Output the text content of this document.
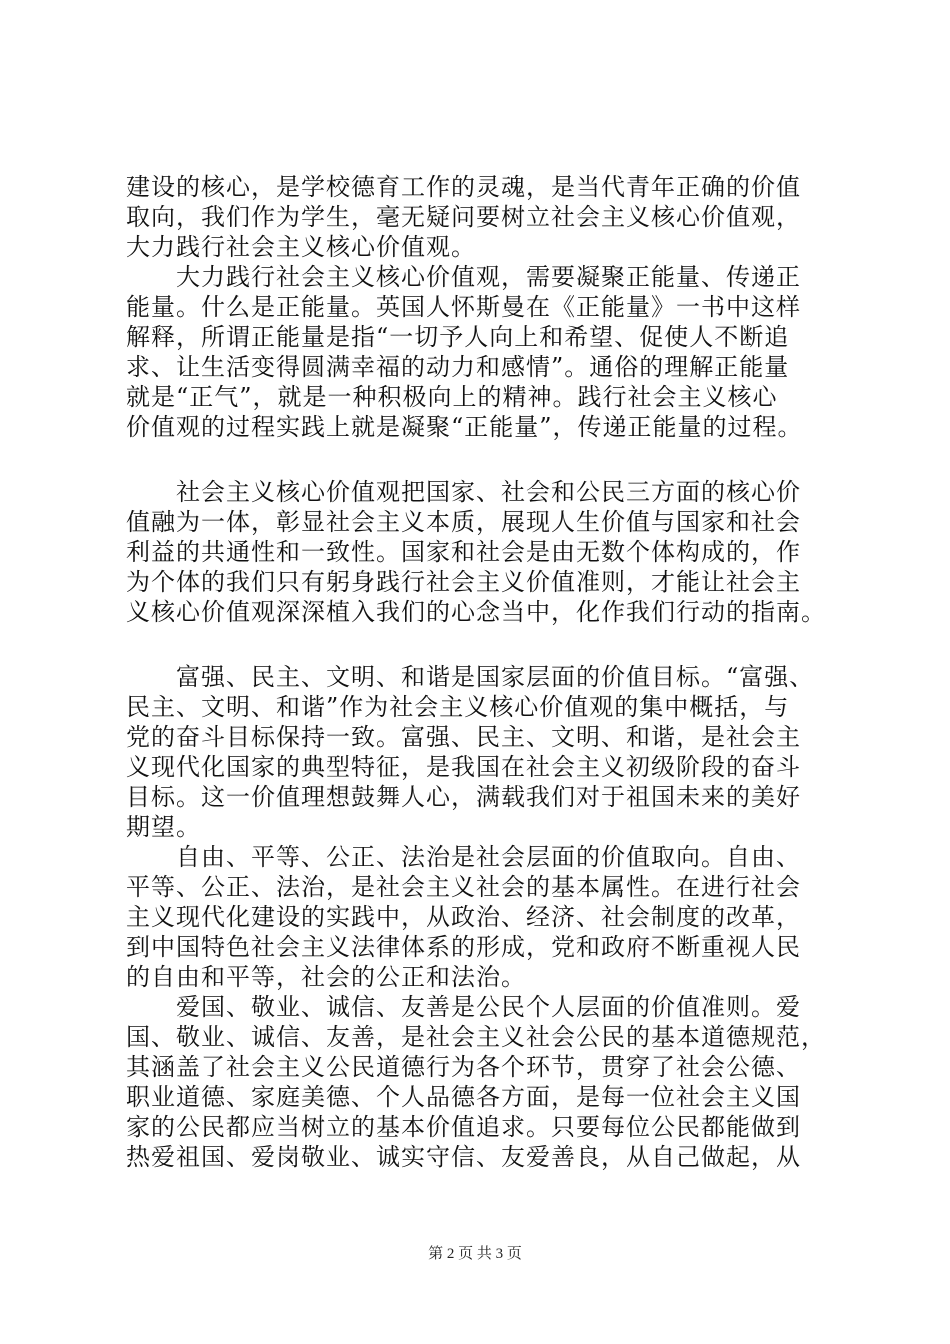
建设的核心，是学校德育工作的灵魂，是当代青年正确的价值
取向，我们作为学生，毫无疑问要树立社会主义核心价值观，
大力践行社会主义核心价值观。
　　大力践行社会主义核心价值观，需要凝聚正能量、传递正
能量。什么是正能量。英国人怀斯曼在《正能量》一书中这样
解释，所谓正能量是指“一切予人向上和希望、促使人不断追
求、让生活变得圆满幸福的动力和感情”。通俗的理解正能量
就是“正气”，就是一种积极向上的精神。践行社会主义核心
价值观的过程实践上就是凝聚“正能量”，传递正能量的过程。
　　社会主义核心价值观把国家、社会和公民三方面的核心价
值融为一体，彰显社会主义本质，展现人生价值与国家和社会
利益的共通性和一致性。国家和社会是由无数个体构成的，作
为个体的我们只有躬身践行社会主义价值准则，才能让社会主
义核心价值观深深植入我们的心念当中，化作我们行动的指南。
　　富强、民主、文明、和谐是国家层面的价值目标。“富强、
民主、文明、和谐”作为社会主义核心价值观的集中概括，与
党的奋斗目标保持一致。富强、民主、文明、和谐，是社会主
义现代化国家的典型特征，是我国在社会主义初级阶段的奋斗
目标。这一价值理想鼓舞人心，满载我们对于祖国未来的美好
期望。
　　自由、平等、公正、法治是社会层面的价值取向。自由、
平等、公正、法治，是社会主义社会的基本属性。在进行社会
主义现代化建设的实践中，从政治、经济、社会制度的改革，
到中国特色社会主义法律体系的形成，党和政府不断重视人民
的自由和平等，社会的公正和法治。
　　爱国、敬业、诚信、友善是公民个人层面的价值准则。爱
国、敬业、诚信、友善，是社会主义社会公民的基本道德规范，
其涵盖了社会主义公民道德行为各个环节，贯穿了社会公德、
职业道德、家庭美德、个人品德各方面，是每一位社会主义国
家的公民都应当树立的基本价值追求。只要每位公民都能做到
热爱祖国、爱岗敬业、诚实守信、友爱善良，从自己做起，从
第 2 页 共 3 页
